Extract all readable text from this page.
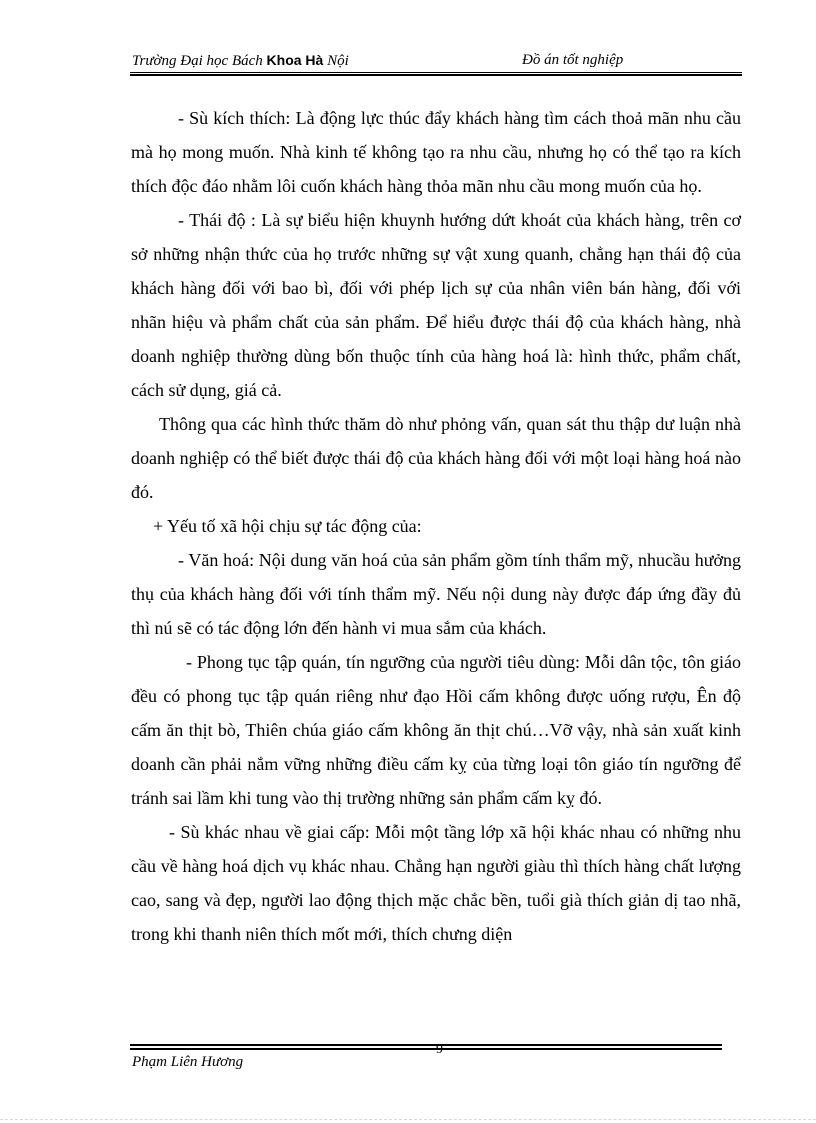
Trường Đại học Bách Khoa Hà Nội	Đồ án tốt nghiệp

- Sù kích thích: Là động lực thúc đẩy khách hàng tìm cách thoả mãn nhu cầu mà họ mong muốn. Nhà kinh tế không tạo ra nhu cầu, nhưng họ có thể tạo ra kích thích độc đáo nhằm lôi cuốn khách hàng thỏa mãn nhu cầu mong muốn của họ.

- Thái độ : Là sự biểu hiện khuynh hướng dứt khoát của khách hàng, trên cơ sở những nhận thức của họ trước những sự vật xung quanh, chẳng hạn thái độ của khách hàng đối với bao bì, đối với phép lịch sự của nhân viên bán hàng, đối với nhãn hiệu và phẩm chất của sản phẩm. Để hiểu được thái độ của khách hàng, nhà doanh nghiệp thường dùng bốn thuộc tính của hàng hoá là: hình thức, phẩm chất, cách sử dụng, giá cả.

Thông qua các hình thức thăm dò như phỏng vấn, quan sát thu thập dư luận nhà doanh nghiệp có thể biết được thái độ của khách hàng đối với một loại hàng hoá nào đó.

+ Yếu tố xã hội chịu sự tác động của:

- Văn hoá: Nội dung văn hoá của sản phẩm gồm tính thẩm mỹ, nhucầu hưởng thụ của khách hàng đối với tính thẩm mỹ. Nếu nội dung này được đáp ứng đầy đủ thì nú sẽ có tác động lớn đến hành vi mua sắm của khách.

- Phong tục tập quán, tín ngưỡng của người tiêu dùng: Mỗi dân tộc, tôn giáo đều có phong tục tập quán riêng như đạo Hồi cấm không được uống rượu, Ên độ cấm ăn thịt bò, Thiên chúa giáo cấm không ăn thịt chú…Vỡ vậy, nhà sản xuất kinh doanh cần phải nắm vững những điều cấm kỵ của từng loại tôn giáo tín ngưỡng để tránh sai lầm khi tung vào thị trường những sản phẩm cấm kỵ đó.

- Sù khác nhau về giai cấp: Mỗi một tầng lớp xã hội khác nhau có những nhu cầu về hàng hoá dịch vụ khác nhau. Chẳng hạn người giàu thì thích hàng chất lượng cao, sang và đẹp, người lao động thịch mặc chắc bền, tuổi già thích giản dị tao nhã, trong khi thanh niên thích mốt mới, thích chưng diện

9
Phạm Liên Hương
